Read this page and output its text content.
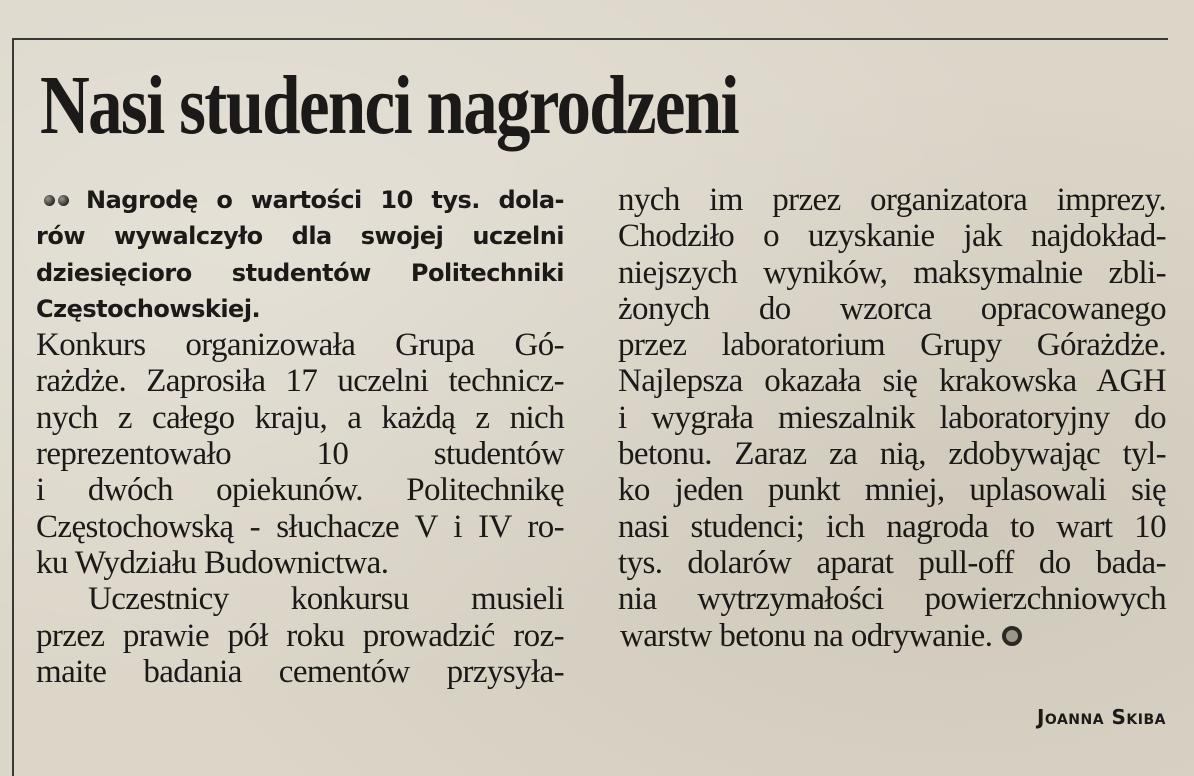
Nasi studenci nagrodzeni
Nagrodę o wartości 10 tys. dola-
rów wywalczyło dla swojej uczelni
dziesięcioro studentów Politechniki
Częstochowskiej.
Konkurs organizowała Grupa Gó-
rażdże. Zaprosiła 17 uczelni technicz-
nych z całego kraju, a każdą z nich
reprezentowało 10 studentów
i dwóch opiekunów. Politechnikę
Częstochowską - słuchacze V i IV ro-
ku Wydziału Budownictwa.
Uczestnicy konkursu musieli
przez prawie pół roku prowadzić roz-
maite badania cementów przysyła-
nych im przez organizatora imprezy.
Chodziło o uzyskanie jak najdokład-
niejszych wyników, maksymalnie zbli-
żonych do wzorca opracowanego
przez laboratorium Grupy Górażdże.
Najlepsza okazała się krakowska AGH
i wygrała mieszalnik laboratoryjny do
betonu. Zaraz za nią, zdobywając tyl-
ko jeden punkt mniej, uplasowali się
nasi studenci; ich nagroda to wart 10
tys. dolarów aparat pull-off do bada-
nia wytrzymałości powierzchniowych
warstw betonu na odrywanie.
Joanna Skiba
